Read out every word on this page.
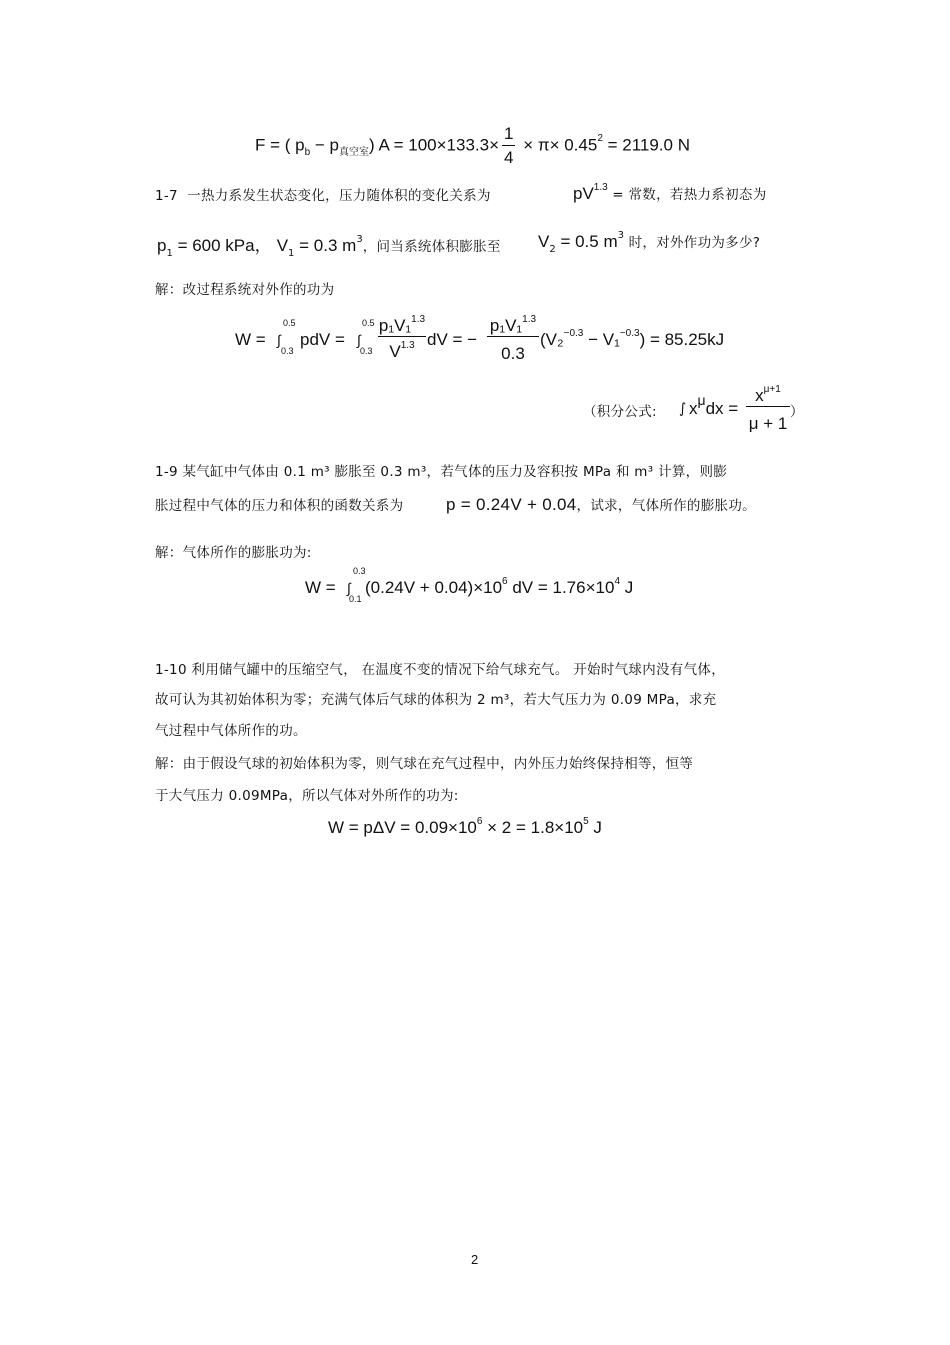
F = ( $p_b - p_{真空室}$) $A = 100\times 133.3\times \frac{1}{4} \times \pi\times 0.45^2 = 2119.0$ N
1-7 一热力系发生状态变化，压力随体积的变化关系为	$pV^{1.3}$ = 常数，若热力系初态为
$p_1 = 600$ kPa， $V_1 = 0.3$ $m^3$，问当系统体积膨胀至 $V_2 = 0.5$ $m^3$ 时，对外作功为多少?
解：改过程系统对外作的功为
W = ∫
0.5
0.3
pdV = ∫
0.5
0.3
p₁V₁$^{1.3}$
$V^{1.3}$ dV = −
p₁V₁$^{1.3}$
0.3
(V₂$^{-0.3}$ − V₁$^{-0.3}$) = 85.25kJ
（积分公式: ∫ $x^\mu dx$ =
$x^{\mu+1}$
μ + 1
）
1-9 某气缸中气体由 0.1 m³ 膨胀至 0.3 m³，若气体的压力及容积按 MPa 和 m³ 计算，则膨
胀过程中气体的压力和体积的函数关系为	p = 0.24V + 0.04，试求，气体所作的膨胀功。
解：气体所作的膨胀功为:
W = ∫
0.3
0.1
$(0.24V + 0.04)\times 10^6$ dV = $1.76\times 10^4$ J
1-10 利用储气罐中的压缩空气， 在温度不变的情况下给气球充气。 开始时气球内没有气体，
故可认为其初始体积为零；充满气体后气球的体积为 2 m³，若大气压力为 0.09 MPa，求充
气过程中气体所作的功。
解：由于假设气球的初始体积为零，则气球在充气过程中，内外压力始终保持相等，恒等
于大气压力 0.09MPa，所以气体对外所作的功为:
$W = p\Delta V = 0.09\times 10^6 \times 2 = 1.8\times 10^5$ J
2
